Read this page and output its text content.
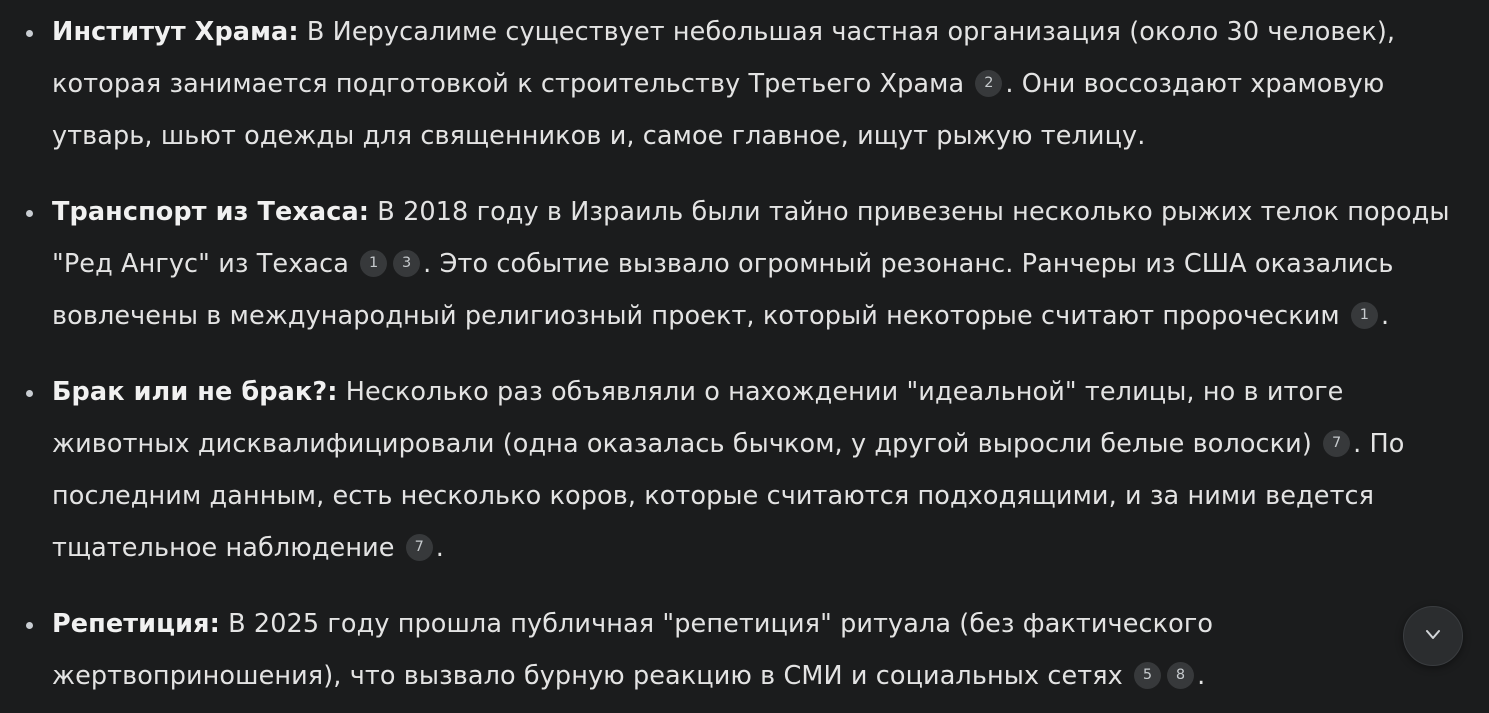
Институт Храма: В Иерусалиме существует небольшая частная организация (около 30 человек), которая занимается подготовкой к строительству Третьего Храма 2 . Они воссоздают храмовую утварь, шьют одежды для священников и, самое главное, ищут рыжую телицу.
Транспорт из Техаса: В 2018 году в Израиль были тайно привезены несколько рыжих телок породы "Ред Ангус" из Техаса 1 3 . Это событие вызвало огромный резонанс. Ранчеры из США оказались вовлечены в международный религиозный проект, который некоторые считают пророческим 1 .
Брак или не брак?: Несколько раз объявляли о нахождении "идеальной" телицы, но в итоге животных дисквалифицировали (одна оказалась бычком, у другой выросли белые волоски) 7 . По последним данным, есть несколько коров, которые считаются подходящими, и за ними ведется тщательное наблюдение 7 .
Репетиция: В 2025 году прошла публичная "репетиция" ритуала (без фактического жертвоприношения), что вызвало бурную реакцию в СМИ и социальных сетях 5 8 .
